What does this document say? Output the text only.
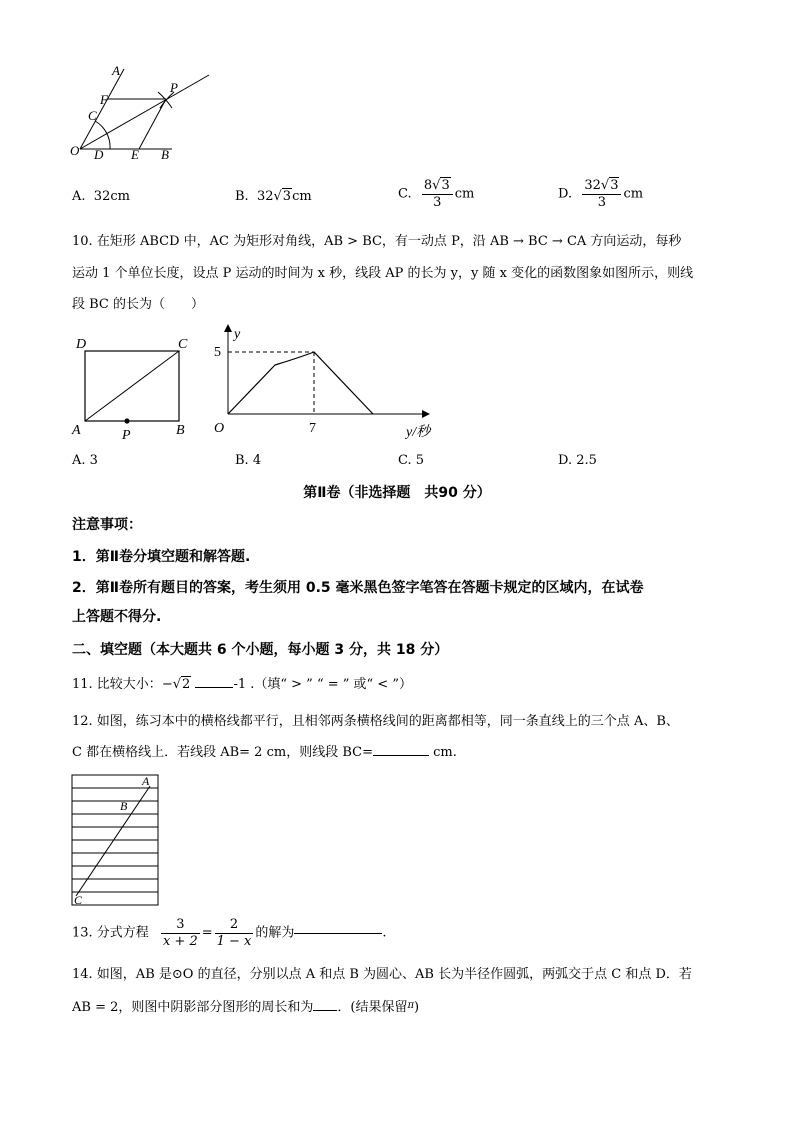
A
F
C
P
O D E B
A. 32cm	B. 32√3cm	C. $\frac{8√3}{3}$ cm	D. $\frac{32√3}{3}$ cm
10. 在矩形 ABCD 中，AC 为矩形对角线，AB > BC，有一动点 P，沿 AB → BC → CA 方向运动，每秒
运动 1 个单位长度，设点 P 运动的时间为 x 秒，线段 AP 的长为 y，y 随 x 变化的函数图象如图所示，则线
段 BC 的长为（　　）
D	C
A	P	B
y
5
O	7	y/秒
A. 3	B. 4	C. 5	D. 2.5
第Ⅱ卷（非选择题　共90 分）
注意事项：
1．第Ⅱ卷分填空题和解答题.
2．第Ⅱ卷所有题目的答案，考生须用 0.5 毫米黑色签字笔答在答题卡规定的区域内，在试卷
上答题不得分.
二、填空题（本大题共 6 个小题，每小题 3 分，共 18 分）
11. 比较大小：−√2	-1 .（填“ > ” “ = ” 或“ < ”）
12. 如图，练习本中的横格线都平行，且相邻两条横格线间的距离都相等，同一条直线上的三个点 A、B、
C 都在横格线上．若线段 AB= 2 cm，则线段 BC=	cm.
A
B
C
13. 分式方程 $\frac{3}{x + 2} = \frac{2}{1 - x}$ 的解为	.
14. 如图，AB 是⊙O 的直径，分别以点 A 和点 B 为圆心、AB 长为半径作圆弧，两弧交于点 C 和点 D．若
AB = 2，则图中阴影部分图形的周长和为 ．(结果保留$^\pi$)
